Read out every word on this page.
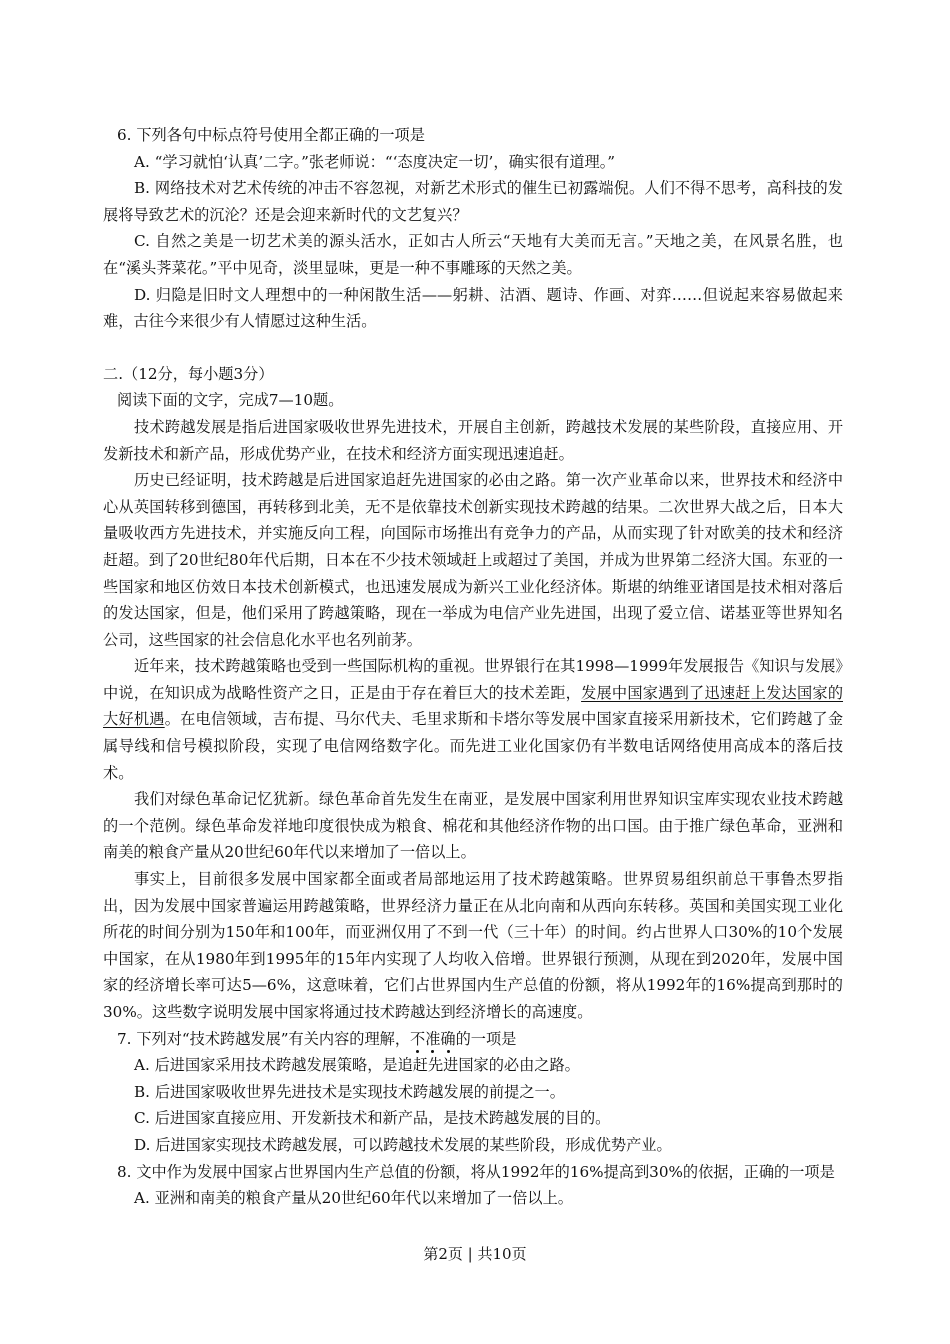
6. 下列各句中标点符号使用全都正确的一项是
A. “学习就怕‘认真’二字。”张老师说：“‘态度决定一切’，确实很有道理。”
B. 网络技术对艺术传统的冲击不容忽视，对新艺术形式的催生已初露端倪。人们不得不思考，高科技的发展将导致艺术的沉沦？还是会迎来新时代的文艺复兴？
C. 自然之美是一切艺术美的源头活水，正如古人所云“天地有大美而无言。”天地之美，在风景名胜，也在“溪头荠菜花。”平中见奇，淡里显味，更是一种不事雕琢的天然之美。
D. 归隐是旧时文人理想中的一种闲散生活——躬耕、沽酒、题诗、作画、对弈……但说起来容易做起来难，古往今来很少有人情愿过这种生活。
二.（12分，每小题3分）
阅读下面的文字，完成7—10题。
技术跨越发展是指后进国家吸收世界先进技术，开展自主创新，跨越技术发展的某些阶段，直接应用、开发新技术和新产品，形成优势产业，在技术和经济方面实现迅速追赶。
历史已经证明，技术跨越是后进国家追赶先进国家的必由之路。第一次产业革命以来，世界技术和经济中心从英国转移到德国，再转移到北美，无不是依靠技术创新实现技术跨越的结果。二次世界大战之后，日本大量吸收西方先进技术，并实施反向工程，向国际市场推出有竞争力的产品，从而实现了针对欧美的技术和经济赶超。到了20世纪80年代后期，日本在不少技术领域赶上或超过了美国，并成为世界第二经济大国。东亚的一些国家和地区仿效日本技术创新模式，也迅速发展成为新兴工业化经济体。斯堪的纳维亚诸国是技术相对落后的发达国家，但是，他们采用了跨越策略，现在一举成为电信产业先进国，出现了爱立信、诺基亚等世界知名公司，这些国家的社会信息化水平也名列前茅。
近年来，技术跨越策略也受到一些国际机构的重视。世界银行在其1998—1999年发展报告《知识与发展》中说，在知识成为战略性资产之日，正是由于存在着巨大的技术差距，发展中国家遇到了迅速赶上发达国家的大好机遇。在电信领域，吉布提、马尔代夫、毛里求斯和卡塔尔等发展中国家直接采用新技术，它们跨越了金属导线和信号模拟阶段，实现了电信网络数字化。而先进工业化国家仍有半数电话网络使用高成本的落后技术。
我们对绿色革命记忆犹新。绿色革命首先发生在南亚，是发展中国家利用世界知识宝库实现农业技术跨越的一个范例。绿色革命发祥地印度很快成为粮食、棉花和其他经济作物的出口国。由于推广绿色革命，亚洲和南美的粮食产量从20世纪60年代以来增加了一倍以上。
事实上，目前很多发展中国家都全面或者局部地运用了技术跨越策略。世界贸易组织前总干事鲁杰罗指出，因为发展中国家普遍运用跨越策略，世界经济力量正在从北向南和从西向东转移。英国和美国实现工业化所花的时间分别为150年和100年，而亚洲仅用了不到一代（三十年）的时间。约占世界人口30%的10个发展中国家，在从1980年到1995年的15年内实现了人均收入倍增。世界银行预测，从现在到2020年，发展中国家的经济增长率可达5—6%，这意味着，它们占世界国内生产总值的份额，将从1992年的16%提高到那时的30%。这些数字说明发展中国家将通过技术跨越达到经济增长的高速度。
7. 下列对“技术跨越发展”有关内容的理解，不准确的一项是
A. 后进国家采用技术跨越发展策略，是追赶先进国家的必由之路。
B. 后进国家吸收世界先进技术是实现技术跨越发展的前提之一。
C. 后进国家直接应用、开发新技术和新产品，是技术跨越发展的目的。
D. 后进国家实现技术跨越发展，可以跨越技术发展的某些阶段，形成优势产业。
8. 文中作为发展中国家占世界国内生产总值的份额，将从1992年的16%提高到30%的依据，正确的一项是
A. 亚洲和南美的粮食产量从20世纪60年代以来增加了一倍以上。
第2页 | 共10页
